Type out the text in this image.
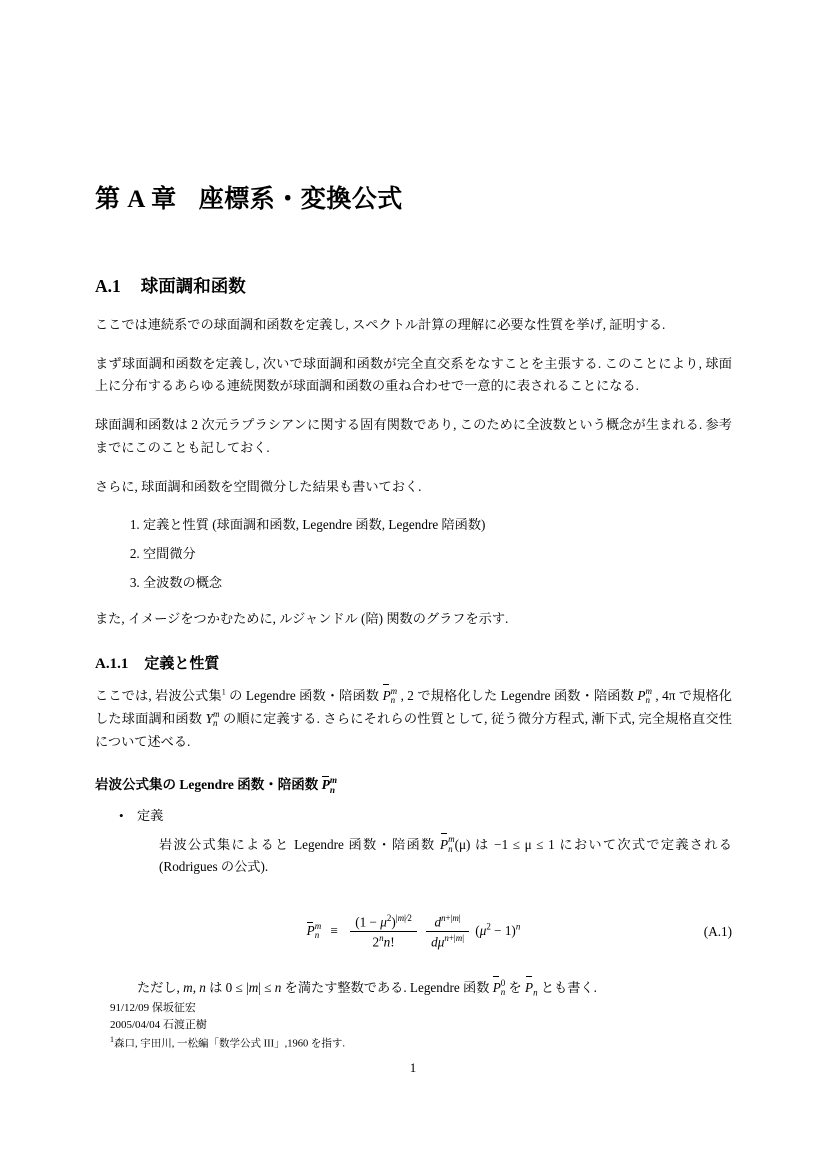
第 A 章 座標系・変換公式
A.1 球面調和函数

ここでは連続系での球面調和函数を定義し, スペクトル計算の理解に必要な性質を挙げ, 証明する.

まず球面調和函数を定義し, 次いで球面調和函数が完全直交系をなすことを主張する. このことにより, 球面上に分布するあらゆる連続関数が球面調和函数の重ね合わせで一意的に表されることになる.

球面調和函数は 2 次元ラプラシアンに関する固有関数であり, このために全波数という概念が生まれる. 参考までにこのことも記しておく.

さらに, 球面調和函数を空間微分した結果も書いておく.

1. 定義と性質 (球面調和函数, Legendre 函数, Legendre 陪函数)
2. 空間微分
3. 全波数の概念

また, イメージをつかむために, ルジャンドル (陪) 関数のグラフを示す.

A.1.1 定義と性質

ここでは, 岩波公式集$^1$ の Legendre 函数・陪函数 Pm
n , 2 で規格化した Legendre 函数・陪函数 Pm
n , 4π で規格化した球面調和函数 Ym
n の順に定義する. さらにそれらの性質として, 従う微分方程式, 漸下式, 完全規格直交性について述べる.

岩波公式集の Legendre 函数・陪函数 Pm
n
• 定義
岩波公式集によると Legendre 函数・陪函数 Pm
n (μ) は −1 ≤ μ ≤ 1 において次式で定義される (Rodrigues の公式).
Pm
$n \equiv \frac{(1 - \mu^2)^{|m|⁄2}}{2^nn!}$
$\frac{d^{n+|m|}}{d\mu^{n+|m|}} (\mu^2 - 1)^n$	(A.1)
ただし, m, n は 0 ≤ |m| ≤ n を満たす整数である. Legendre 函数 P0
n を $P_n$ とも書く.

91/12/09 保坂征宏

2005/04/04 石渡正樹

$^1$森口, 宇田川, 一松編「数学公式 III」,1960 を指す.

1
